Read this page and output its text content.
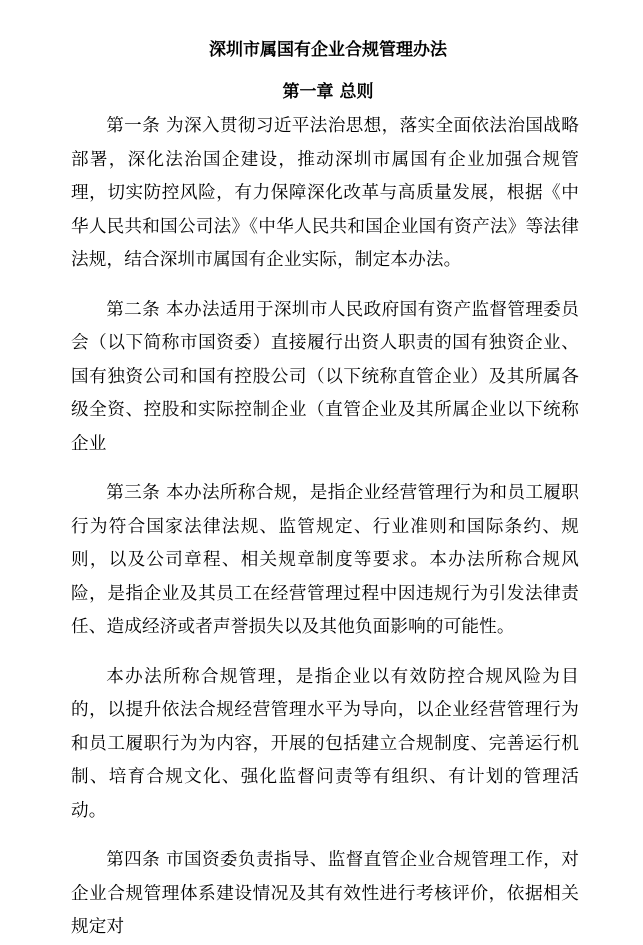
深圳市属国有企业合规管理办法
第一章 总则

第一条 为深入贯彻习近平法治思想，落实全面依法治国战略部署，深化法治国企建设，推动深圳市属国有企业加强合规管理，切实防控风险，有力保障深化改革与高质量发展，根据《中华人民共和国公司法》《中华人民共和国企业国有资产法》等法律法规，结合深圳市属国有企业实际，制定本办法。

第二条 本办法适用于深圳市人民政府国有资产监督管理委员会（以下简称市国资委）直接履行出资人职责的国有独资企业、国有独资公司和国有控股公司（以下统称直管企业）及其所属各级全资、控股和实际控制企业（直管企业及其所属企业以下统称企业

第三条 本办法所称合规，是指企业经营管理行为和员工履职行为符合国家法律法规、监管规定、行业准则和国际条约、规则，以及公司章程、相关规章制度等要求。本办法所称合规风险，是指企业及其员工在经营管理过程中因违规行为引发法律责任、造成经济或者声誉损失以及其他负面影响的可能性。

本办法所称合规管理，是指企业以有效防控合规风险为目的，以提升依法合规经营管理水平为导向，以企业经营管理行为和员工履职行为为内容，开展的包括建立合规制度、完善运行机制、培育合规文化、强化监督问责等有组织、有计划的管理活动。

第四条 市国资委负责指导、监督直管企业合规管理工作，对企业合规管理体系建设情况及其有效性进行考核评价，依据相关规定对
